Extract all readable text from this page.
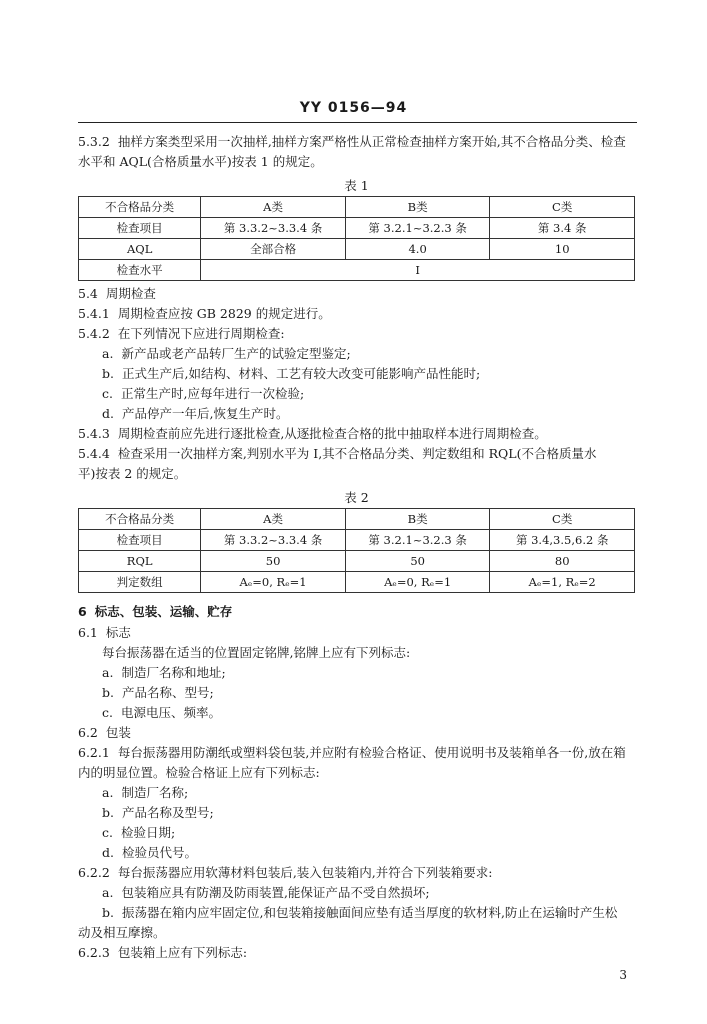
YY 0156—94

5.3.2 抽样方案类型采用一次抽样,抽样方案严格性从正常检查抽样方案开始,其不合格品分类、检查

水平和 AQL(合格质量水平)按表 1 的规定。

表 1
不合格品分类	A类	B类	C类
检查项目	第 3.3.2~3.3.4 条	第 3.2.1~3.2.3 条	第 3.4 条
AQL	全部合格	4.0	10
检查水平	I		

5.4 周期检查

5.4.1 周期检查应按 GB 2829 的规定进行。

5.4.2 在下列情况下应进行周期检查:

a. 新产品或老产品转厂生产的试验定型鉴定;

b. 正式生产后,如结构、材料、工艺有较大改变可能影响产品性能时;

c. 正常生产时,应每年进行一次检验;

d. 产品停产一年后,恢复生产时。

5.4.3 周期检查前应先进行逐批检查,从逐批检查合格的批中抽取样本进行周期检查。

5.4.4 检查采用一次抽样方案,判别水平为 I,其不合格品分类、判定数组和 RQL(不合格质量水

平)按表 2 的规定。

表 2
不合格品分类	A类	B类	C类
检查项目	第 3.3.2~3.3.4 条	第 3.2.1~3.2.3 条	第 3.4,3.5,6.2 条
RQL	50	50	80
判定数组	Aₑ=0, Rₑ=1	Aₑ=0, Rₑ=1	Aₑ=1, Rₑ=2

6 标志、包装、运输、贮存

6.1 标志

每台振荡器在适当的位置固定铭牌,铭牌上应有下列标志:

a. 制造厂名称和地址;

b. 产品名称、型号;

c. 电源电压、频率。

6.2 包装

6.2.1 每台振荡器用防潮纸或塑料袋包装,并应附有检验合格证、使用说明书及装箱单各一份,放在箱

内的明显位置。检验合格证上应有下列标志:

a. 制造厂名称;

b. 产品名称及型号;

c. 检验日期;

d. 检验员代号。

6.2.2 每台振荡器应用软薄材料包装后,装入包装箱内,并符合下列装箱要求:

a. 包装箱应具有防潮及防雨装置,能保证产品不受自然损坏;

b. 振荡器在箱内应牢固定位,和包装箱接触面间应垫有适当厚度的软材料,防止在运输时产生松

动及相互摩擦。

6.2.3 包装箱上应有下列标志:

3
